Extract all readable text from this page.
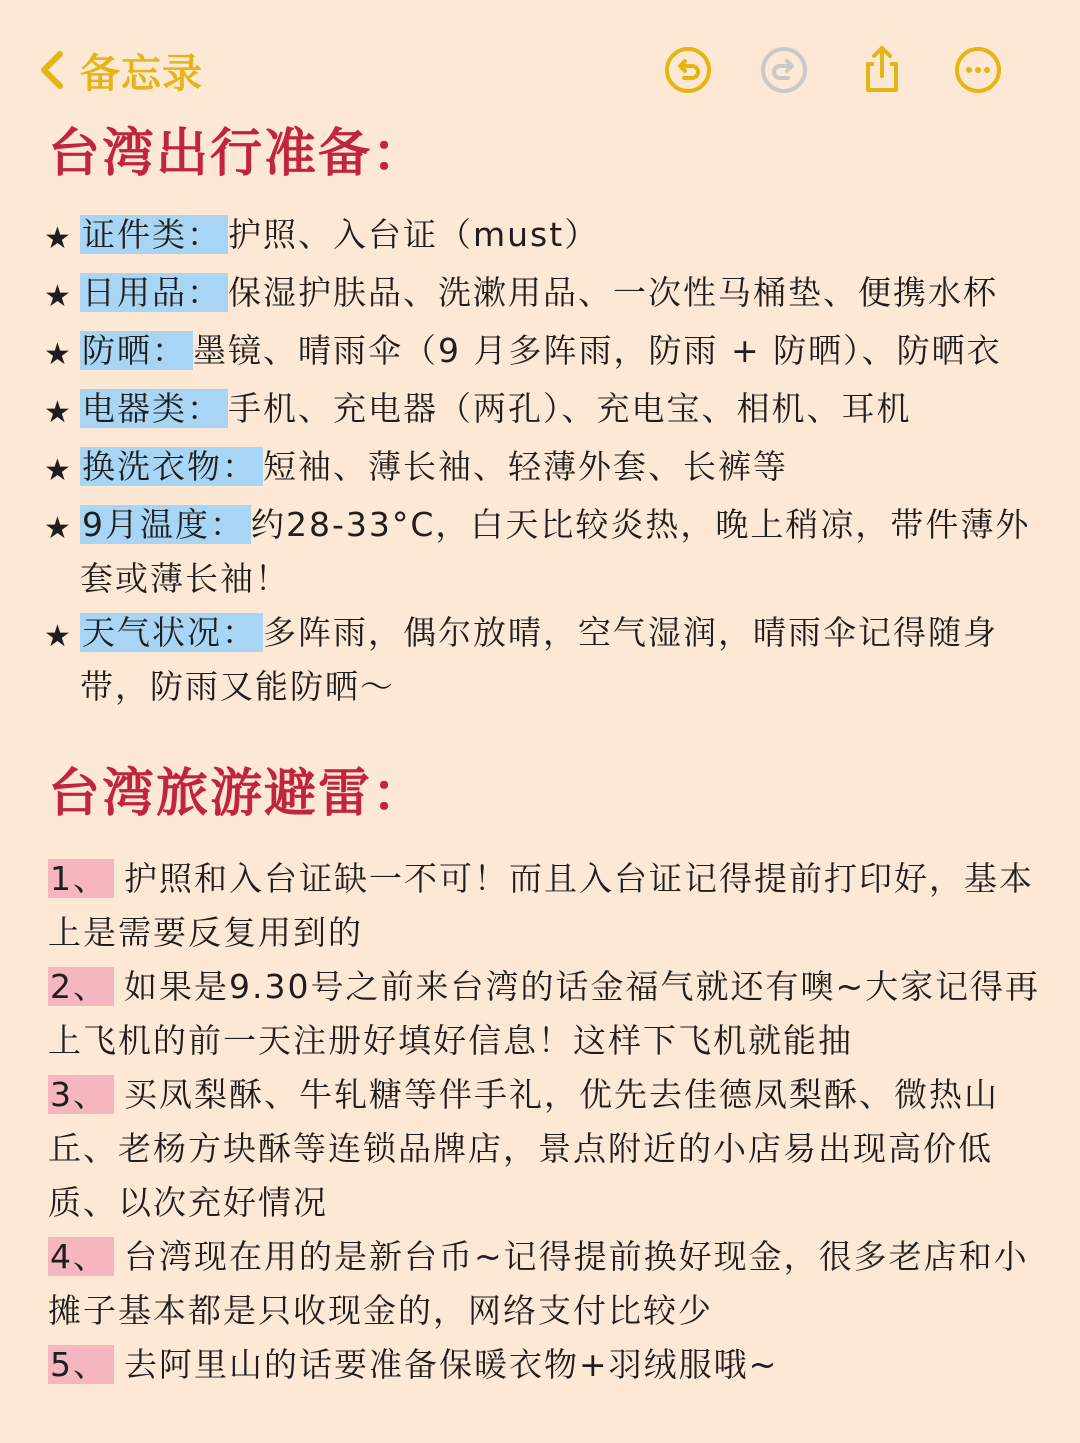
备忘录
台湾出行准备：
★ 证件类： 护照、入台证（must）
★ 日用品： 保湿护肤品、洗漱用品、一次性马桶垫、便携水杯
★ 防晒： 墨镜、晴雨伞（9 月多阵雨，防雨 + 防晒）、防晒衣
★ 电器类： 手机、充电器（两孔）、充电宝、相机、耳机
★ 换洗衣物： 短袖、薄长袖、轻薄外套、长裤等
★ 9月温度： 约28-33°C，白天比较炎热，晚上稍凉，带件薄外套或薄长袖！
★ 天气状况： 多阵雨，偶尔放晴，空气湿润，晴雨伞记得随身带，防雨又能防晒～
台湾旅游避雷：
1、 护照和入台证缺一不可！而且入台证记得提前打印好，基本上是需要反复用到的
2、 如果是9.30号之前来台湾的话金福气就还有噢~大家记得再上飞机的前一天注册好填好信息！这样下飞机就能抽
3、 买凤梨酥、牛轧糖等伴手礼，优先去佳德凤梨酥、微热山丘、老杨方块酥等连锁品牌店，景点附近的小店易出现高价低质、以次充好情况
4、 台湾现在用的是新台币~记得提前换好现金，很多老店和小摊子基本都是只收现金的，网络支付比较少
5、 去阿里山的话要准备保暖衣物+羽绒服哦~
